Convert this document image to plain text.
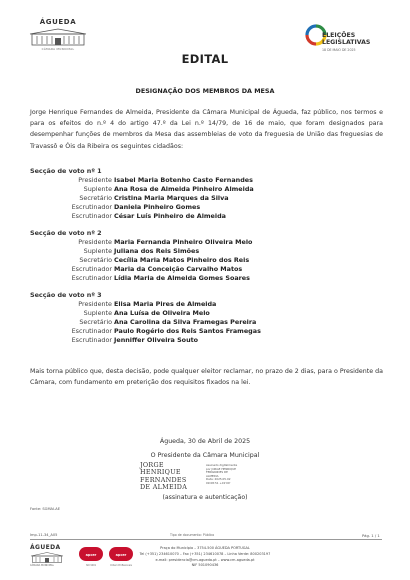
ÁGUEDA
CÂMARA MUNICIPAL
ELEIÇÕES
LEGISLATIVAS
18 DE MAIO DE 2025
EDITAL
DESIGNAÇÃO DOS MEMBROS DA MESA
Jorge Henrique Fernandes de Almeida, Presidente da Câmara Municipal de Águeda, faz público, nos termos e para os efeitos do n.º 4 do artigo 47.º da Lei n.º 14/79, de 16 de maio, que foram designados para desempenhar funções de membros da Mesa das assembleias de voto da freguesia de União das freguesias de Travassô e Óis da Ribeira os seguintes cidadãos:
Secção de voto nº 1
Presidente Isabel Maria Botenho Casto Fernandes
Suplente Ana Rosa de Almeida Pinheiro Almeida
Secretário Cristina Maria Marques da Silva
Escrutinador Daniela Pinheiro Gomes
Escrutinador César Luís Pinheiro de Almeida
Secção de voto nº 2
Presidente Maria Fernanda Pinheiro Oliveira Melo
Suplente Juliana dos Reis Simões
Secretário Cecília Maria Matos Pinheiro dos Reis
Escrutinador Maria da Conceição Carvalho Matos
Escrutinador Lídia Maria de Almeida Gomes Soares
Secção de voto nº 3
Presidente Elisa Maria Pires de Almeida
Suplente Ana Luísa de Oliveira Melo
Secretário Ana Carolina da Silva Framegas Pereira
Escrutinador Paulo Rogério dos Reis Santos Framegas
Escrutinador Jenniffer Oliveira Souto
Mais torna público que, desta decisão, pode qualquer eleitor reclamar, no prazo de 2 dias, para o Presidente da Câmara, com fundamento em preterição dos requisitos fixados na lei.
Águeda, 30 de Abril de 2025
O Presidente da Câmara Municipal
JORGE
HENRIQUE
FERNANDES
DE ALMEIDA
Assinado digitalmente
por JORGE HENRIQUE
FERNANDES DE
ALMEIDA
Data: 2025.05.02
09:08:51 +01'00'
(assinatura e autenticação)
Fonte: SGMAI-AE
Imp-11-34_A05	Tipo de documento: Público	Pág. 1 / 1
ÁGUEDA
CÂMARA MUNICIPAL
apcer
ISO 9001
apcer
Ordem Profissionais
Praça do Município – 3754-500 ÁGUEDA PORTUGAL
Tel (+351) 234610070 – Fax (+351) 234610078 – Linha Verde: 800203197
e-mail: presidencia@cm-agueda.pt – www.cm-agueda.pt
NIF 501090436
